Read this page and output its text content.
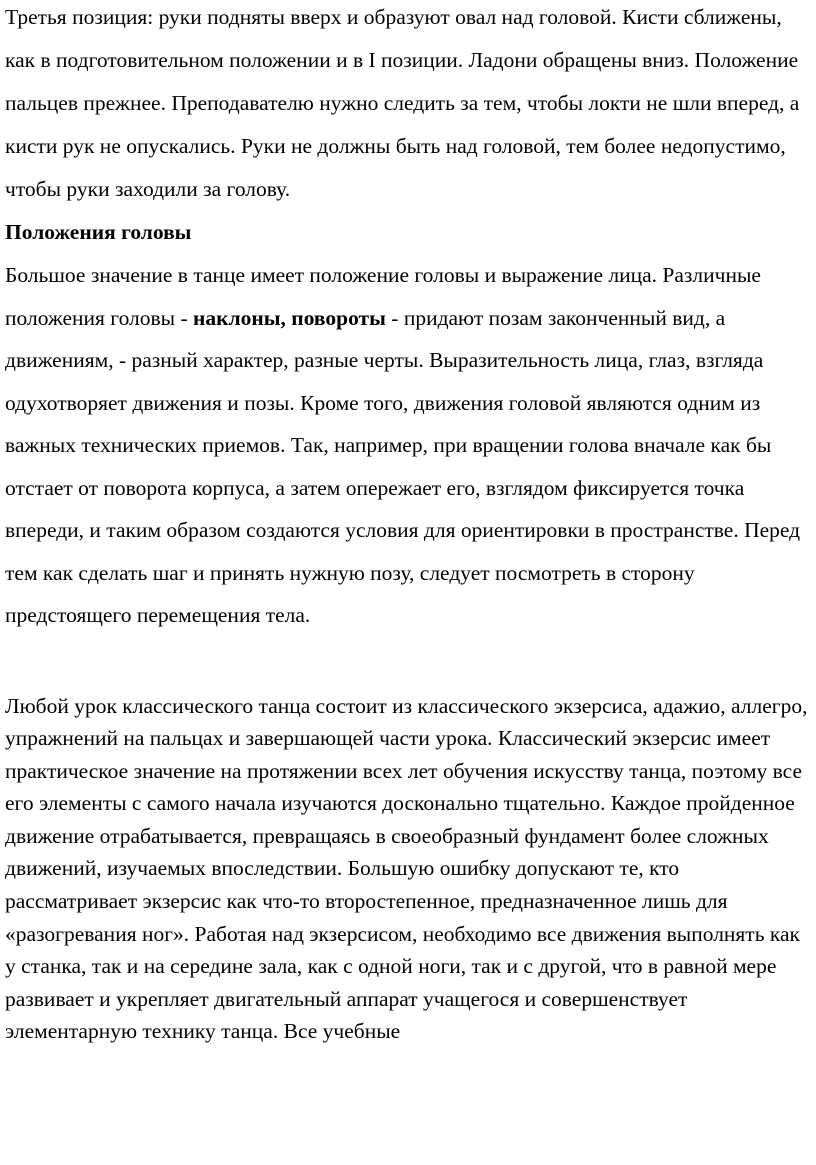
Третья позиция: руки подняты вверх и образуют овал над головой. Кисти сближены, как в подготовительном положении и в I позиции. Ладони обращены вниз. Положение пальцев прежнее. Преподавателю нужно следить за тем, чтобы локти не шли вперед, а кисти рук не опускались. Руки не должны быть над головой, тем более недопустимо, чтобы руки заходили за голову.

Положения головы

Большое значение в танце имеет положение головы и выражение лица. Различные положения головы - наклоны, повороты - придают позам законченный вид, а движениям, - разный характер, разные черты. Выразительность лица, глаз, взгляда одухотворяет движения и позы. Кроме того, движения головой являются одним из важных технических приемов. Так, например, при вращении голова вначале как бы отстает от поворота корпуса, а затем опережает его, взглядом фиксируется точка впереди, и таким образом создаются условия для ориентировки в пространстве. Перед тем как сделать шаг и принять нужную позу, следует посмотреть в сторону предстоящего перемещения тела.

Любой урок классического танца состоит из классического экзерсиса, адажио, аллегро, упражнений на пальцах и завершающей части урока. Классический экзерсис имеет практическое значение на протяжении всех лет обучения искусству танца, поэтому все его элементы с самого начала изучаются досконально тщательно. Каждое пройденное движение отрабатывается, превращаясь в своеобразный фундамент более сложных движений, изучаемых впоследствии. Большую ошибку допускают те, кто рассматривает экзерсис как что-то второстепенное, предназначенное лишь для «разогревания ног». Работая над экзерсисом, необходимо все движения выполнять как у станка, так и на середине зала, как с одной ноги, так и с другой, что в равной мере развивает и укрепляет двигательный аппарат учащегося и совершенствует элементарную технику танца. Все учебные
